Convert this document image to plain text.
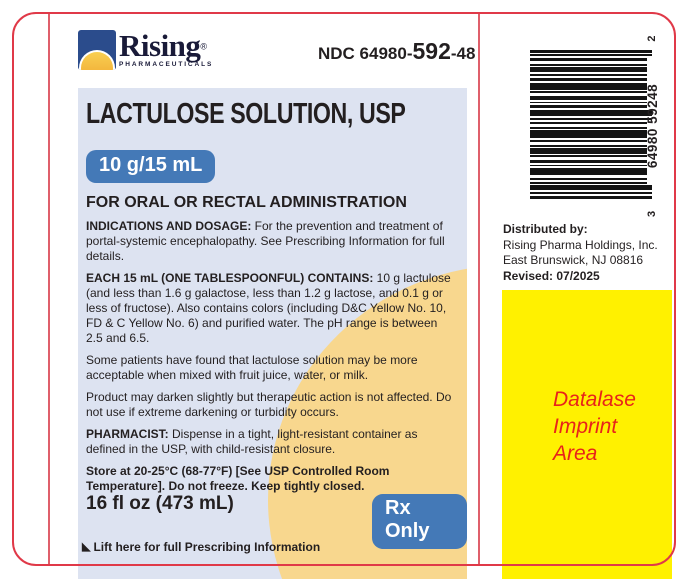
Rising®
PHARMACEUTICALS
NDC 64980-592-48
3
64980 59248
2
Distributed by:
Rising Pharma Holdings, Inc.
East Brunswick, NJ 08816
Revised: 07/2025
Datalase
Imprint
Area
LACTULOSE SOLUTION, USP
10 g/15 mL
FOR ORAL OR RECTAL ADMINISTRATION

INDICATIONS AND DOSAGE: For the prevention and treatment of portal-systemic encephalopathy. See Prescribing Information for full details.

EACH 15 mL (ONE TABLESPOONFUL) CONTAINS: 10 g lactulose (and less than 1.6 g galactose, less than 1.2 g lactose, and 0.1 g or less of fructose). Also contains colors (including D&C Yellow No. 10, FD & C Yellow No. 6) and purified water. The pH range is between 2.5 and 6.5.

Some patients have found that lactulose solution may be more acceptable when mixed with fruit juice, water, or milk.

Product may darken slightly but therapeutic action is not affected. Do not use if extreme darkening or turbidity occurs.

PHARMACIST: Dispense in a tight, light-resistant container as defined in the USP, with child-resistant closure.

Store at 20-25°C (68-77°F) [See USP Controlled Room Temperature]. Do not freeze. Keep tightly closed.

16 fl oz (473 mL)	Rx Only
◣ Lift here for full Prescribing Information
